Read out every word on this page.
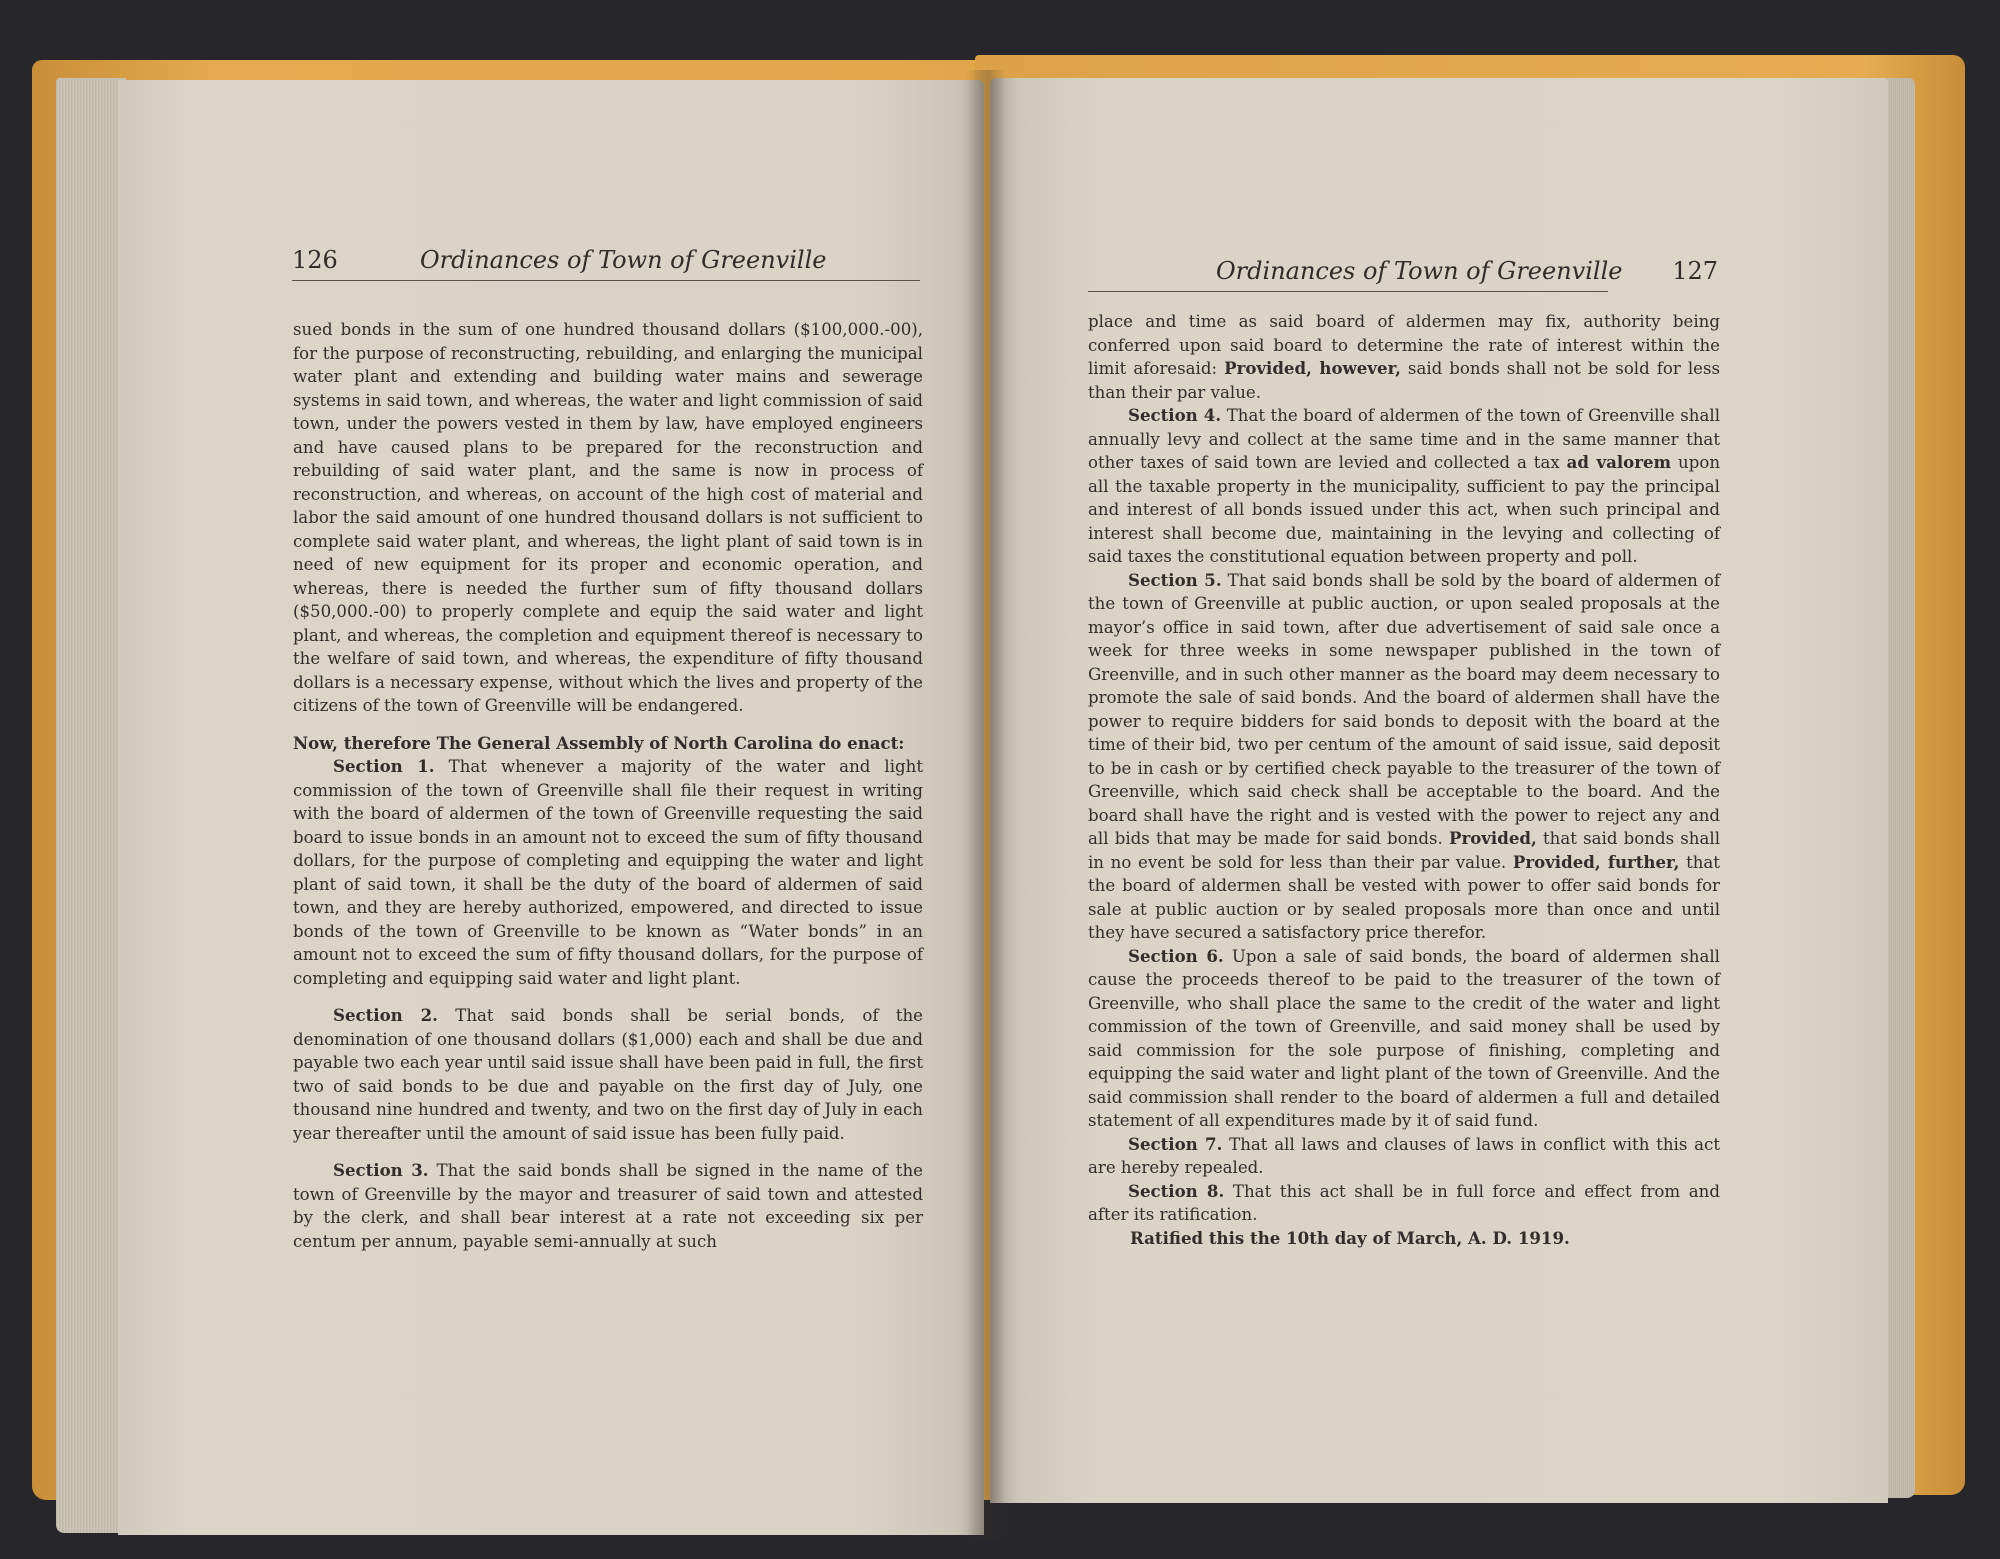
126	Ordinances of Town of Greenville	Ordinances of Town of Greenville 127

sued bonds in the sum of one hundred thousand dollars ($100,000.-00), for the purpose of reconstructing, rebuilding, and enlarging the municipal water plant and extending and building water mains and sewerage systems in said town, and whereas, the water and light commission of said town, under the powers vested in them by law, have employed engineers and have caused plans to be prepared for the reconstruction and rebuilding of said water plant, and the same is now in process of reconstruction, and whereas, on account of the high cost of material and labor the said amount of one hundred thousand dollars is not sufficient to complete said water plant, and whereas, the light plant of said town is in need of new equipment for its proper and economic operation, and whereas, there is needed the further sum of fifty thousand dollars ($50,000.-00) to properly complete and equip the said water and light plant, and whereas, the completion and equipment thereof is necessary to the welfare of said town, and whereas, the expenditure of fifty thousand dollars is a necessary expense, without which the lives and property of the citizens of the town of Greenville will be endangered.

Now, therefore The General Assembly of North Carolina do enact:

Section 1. That whenever a majority of the water and light commission of the town of Greenville shall file their request in writing with the board of aldermen of the town of Greenville requesting the said board to issue bonds in an amount not to exceed the sum of fifty thousand dollars, for the purpose of completing and equipping the water and light plant of said town, it shall be the duty of the board of aldermen of said town, and they are hereby authorized, empowered, and directed to issue bonds of the town of Greenville to be known as “Water bonds” in an amount not to exceed the sum of fifty thousand dollars, for the purpose of completing and equipping said water and light plant.

Section 2. That said bonds shall be serial bonds, of the denomination of one thousand dollars ($1,000) each and shall be due and payable two each year until said issue shall have been paid in full, the first two of said bonds to be due and payable on the first day of July, one thousand nine hundred and twenty, and two on the first day of July in each year thereafter until the amount of said issue has been fully paid.

Section 3. That the said bonds shall be signed in the name of the town of Greenville by the mayor and treasurer of said town and attested by the clerk, and shall bear interest at a rate not exceeding six per centum per annum, payable semi-annually at such

place and time as said board of aldermen may fix, authority being conferred upon said board to determine the rate of interest within the limit aforesaid: Provided, however, said bonds shall not be sold for less than their par value.

Section 4. That the board of aldermen of the town of Greenville shall annually levy and collect at the same time and in the same manner that other taxes of said town are levied and collected a tax ad valorem upon all the taxable property in the municipality, sufficient to pay the principal and interest of all bonds issued under this act, when such principal and interest shall become due, maintaining in the levying and collecting of said taxes the constitutional equation between property and poll.

Section 5. That said bonds shall be sold by the board of aldermen of the town of Greenville at public auction, or upon sealed proposals at the mayor’s office in said town, after due advertisement of said sale once a week for three weeks in some newspaper published in the town of Greenville, and in such other manner as the board may deem necessary to promote the sale of said bonds. And the board of aldermen shall have the power to require bidders for said bonds to deposit with the board at the time of their bid, two per centum of the amount of said issue, said deposit to be in cash or by certified check payable to the treasurer of the town of Greenville, which said check shall be acceptable to the board. And the board shall have the right and is vested with the power to reject any and all bids that may be made for said bonds. Provided, that said bonds shall in no event be sold for less than their par value. Provided, further, that the board of aldermen shall be vested with power to offer said bonds for sale at public auction or by sealed proposals more than once and until they have secured a satisfactory price therefor.

Section 6. Upon a sale of said bonds, the board of aldermen shall cause the proceeds thereof to be paid to the treasurer of the town of Greenville, who shall place the same to the credit of the water and light commission of the town of Greenville, and said money shall be used by said commission for the sole purpose of finishing, completing and equipping the said water and light plant of the town of Greenville. And the said commission shall render to the board of aldermen a full and detailed statement of all expenditures made by it of said fund.

Section 7. That all laws and clauses of laws in conflict with this act are hereby repealed.

Section 8. That this act shall be in full force and effect from and after its ratification.

Ratified this the 10th day of March, A. D. 1919.
